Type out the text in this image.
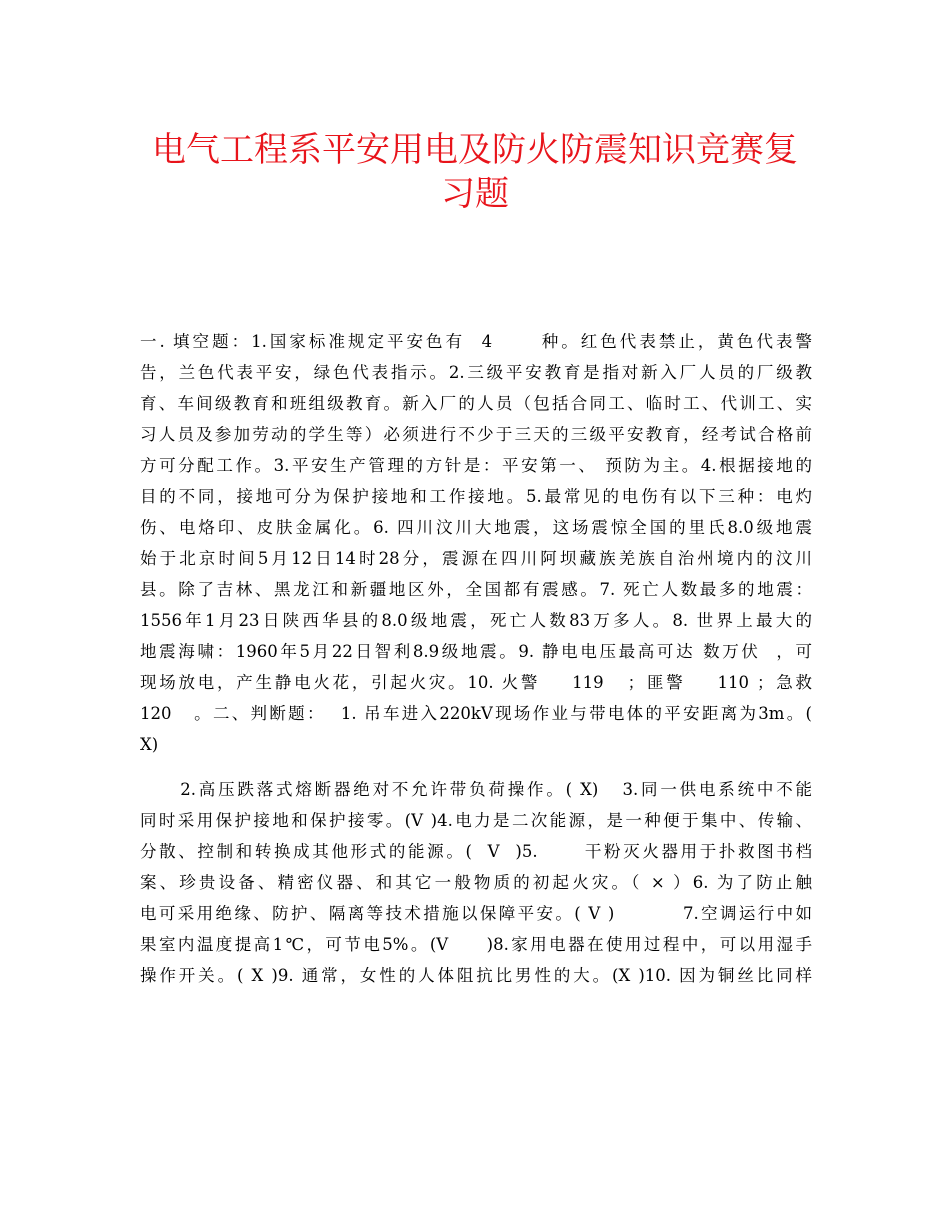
电气工程系平安用电及防火防震知识竞赛复
习题
一. 填空题：1.国家标准规定平安色有  4      种。红色代表禁止，黄色代表警
告，兰色代表平安，绿色代表指示。2.三级平安教育是指对新入厂人员的厂级教
育、车间级教育和班组级教育。新入厂的人员（包括合同工、临时工、代训工、实
习人员及参加劳动的学生等）必须进行不少于三天的三级平安教育，经考试合格前
方可分配工作。3.平安生产管理的方针是：平安第一、 预防为主。4.根据接地的
目的不同，接地可分为保护接地和工作接地。5.最常见的电伤有以下三种：电灼
伤、电烙印、皮肤金属化。6. 四川汶川大地震，这场震惊全国的里氏8.0级地震
始于北京时间5月12日14时28分，震源在四川阿坝藏族羌族自治州境内的汶川
县。除了吉林、黑龙江和新疆地区外，全国都有震感。7. 死亡人数最多的地震：
1556年1月23日陕西华县的8.0级地震，死亡人数83万多人。8. 世界上最大的
地震海啸：1960年5月22日智利8.9级地震。9. 静电电压最高可达 数万伏  ，可
现场放电，产生静电火花，引起火灾。10. 火警    119   ；匪警    110 ；急救
120   。二、判断题：  1. 吊车进入220kV现场作业与带电体的平安距离为3m。(
X)
2.高压跌落式熔断器绝对不允许带负荷操作。( X)   3.同一供电系统中不能
同时采用保护接地和保护接零。(V )4.电力是二次能源，是一种便于集中、传输、
分散、控制和转换成其他形式的能源。(  V  )5.      干粉灭火器用于扑救图书档
案、珍贵设备、精密仪器、和其它一般物质的初起火灾。（ × ）6. 为了防止触
电可采用绝缘、防护、隔离等技术措施以保障平安。( V )         7.空调运行中如
果室内温度提高1℃，可节电5%。(V     )8.家用电器在使用过程中，可以用湿手
操作开关。( X )9. 通常，女性的人体阻抗比男性的大。(X )10. 因为铜丝比同样
